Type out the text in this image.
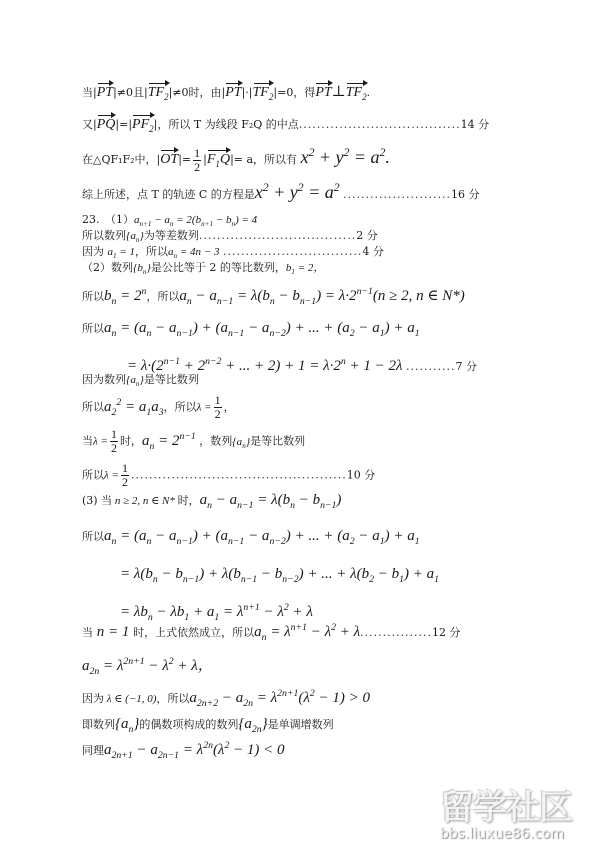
当|PT|≠0且$|TF_2|\ne 0$时，由$|PT|\cdot|TF_2|=0$，得$PT\perp TF_2$.
又$|PQ|=|PF_2|$，所以 T 为线段 F₂Q 的中点....................................14 分
在△QF₁F₂中，$|OT|= \frac{1}{2} |F_1Q|= a$，所以有 $x^2 + y^2 = a^2$.
综上所述，点 T 的轨迹 C 的方程是$x^2 + y^2 = a^2$ ........................16 分
23.　$(1)a_{n+1} - a_n = 2(b_{n+1} - b_n) = 4$
所以数列$\{a_n\}$为等差数列...................................2 分
因为 $a_1 = 1$，所以$a_n = 4n - 3$ ...............................4 分
（2）数列$\{b_n\}$是公比等于 2 的等比数列，$b_1 = 2$，
所以$b_n = 2^n$，所以$a_n - a_{n-1} = \lambda(b_n - b_{n-1}) = \lambda\cdot 2^{n-1}(n \ge 2$, n ∈ N*)
所以$a_n = (a_n - a_{n-1}) + (a_{n-1} - a_{n-2})$ + ... + $(a_2 - a_1) + a_1$
= $\lambda\cdot(2^{n-1} + 2^{n-2}$ + ... + $2) + 1 = \lambda\cdot 2^n + 1 - 2\lambda$ ...........7 分
因为数列$\{a_n\}$是等比数列
所以$a_2^2 = a_1a_3$，所以$\lambda = \frac{1}{2}$ ，
当$\lambda = \frac{1}{2}$ 时，$a_n = 2^{n-1}$ ，数列$\{a_n\}$是等比数列
所以$\lambda = \frac{1}{2} ................................................10$ 分
(3) 当 n ≥ 2, n ∈ N* 时，$a_n - a_{n-1} = \lambda(b_n - b_{n-1})$
所以$a_n = (a_n - a_{n-1}) + (a_{n-1} - a_{n-2})$ + ... + $(a_2 - a_1) + a_1$
= $\lambda(b_n - b_{n-1}) + \lambda(b_{n-1} - b_{n-2})$ + ... + $\lambda(b_2 - b_1) + a_1$
= $\lambda b_n - \lambda b_1 + a_1 = \lambda^{n+1} - \lambda^2 + \lambda$
当 n = 1 时，上式依然成立，所以$a_n = \lambda^{n+1} - \lambda^2 + \lambda................12$ 分
$a_{2n} = \lambda^{2n+1} - \lambda^2 + \lambda$，
因为 λ ∈ (−1, 0)，所以$a_{2n+2} - a_{2n} = \lambda^{2n+1}(\lambda^2 - 1) > 0$
即数列$\{a_n\}$的偶数项构成的数列$\{a_{2n}\}$是单调增数列
同理$a_{2n+1} - a_{2n-1} = \lambda^{2n}(\lambda^2 - 1) < 0$
留学社区
bbs.liuxue86.com
